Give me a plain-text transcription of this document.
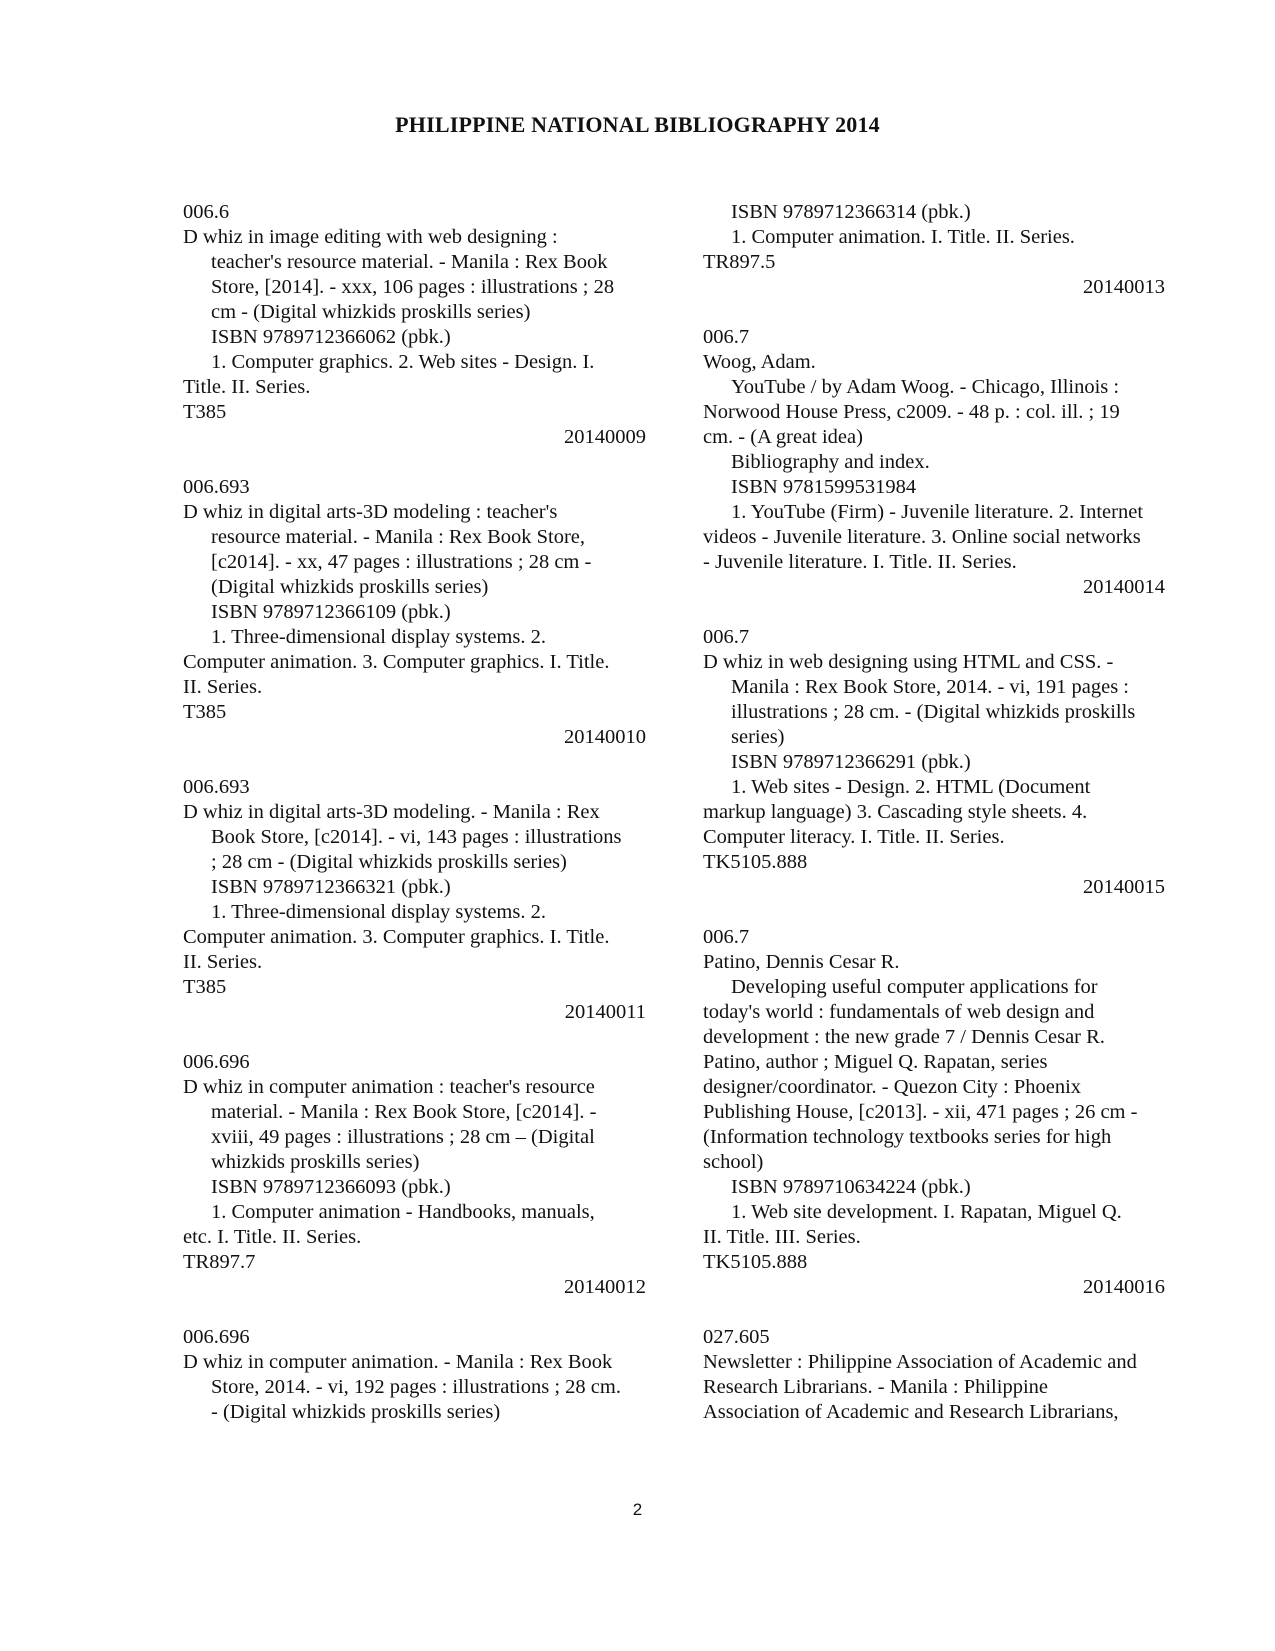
PHILIPPINE NATIONAL BIBLIOGRAPHY 2014
006.6
D whiz in image editing with web designing :
teacher's resource material. - Manila : Rex Book
Store, [2014]. - xxx, 106 pages : illustrations ; 28
cm - (Digital whizkids proskills series)
ISBN 9789712366062 (pbk.)
1. Computer graphics. 2. Web sites - Design. I.
Title. II. Series.
T385
20140009
006.693
D whiz in digital arts-3D modeling : teacher's
resource material. - Manila : Rex Book Store,
[c2014]. - xx, 47 pages : illustrations ; 28 cm -
(Digital whizkids proskills series)
ISBN 9789712366109 (pbk.)
1. Three-dimensional display systems. 2.
Computer animation. 3. Computer graphics. I. Title.
II. Series.
T385
20140010
006.693
D whiz in digital arts-3D modeling. - Manila : Rex
Book Store, [c2014]. - vi, 143 pages : illustrations
; 28 cm - (Digital whizkids proskills series)
ISBN 9789712366321 (pbk.)
1. Three-dimensional display systems. 2.
Computer animation. 3. Computer graphics. I. Title.
II. Series.
T385
20140011
006.696
D whiz in computer animation : teacher's resource
material. - Manila : Rex Book Store, [c2014]. -
xviii, 49 pages : illustrations ; 28 cm – (Digital
whizkids proskills series)
ISBN 9789712366093 (pbk.)
1. Computer animation - Handbooks, manuals,
etc. I. Title. II. Series.
TR897.7
20140012
006.696
D whiz in computer animation. - Manila : Rex Book
Store, 2014. - vi, 192 pages : illustrations ; 28 cm.
- (Digital whizkids proskills series)
ISBN 9789712366314 (pbk.)
1. Computer animation. I. Title. II. Series.
TR897.5
20140013
006.7
Woog, Adam.
YouTube / by Adam Woog. - Chicago, Illinois :
Norwood House Press, c2009. - 48 p. : col. ill. ; 19
cm. - (A great idea)
Bibliography and index.
ISBN 9781599531984
1. YouTube (Firm) - Juvenile literature. 2. Internet
videos - Juvenile literature. 3. Online social networks
- Juvenile literature. I. Title. II. Series.
20140014
006.7
D whiz in web designing using HTML and CSS. -
Manila : Rex Book Store, 2014. - vi, 191 pages :
illustrations ; 28 cm. - (Digital whizkids proskills
series)
ISBN 9789712366291 (pbk.)
1. Web sites - Design. 2. HTML (Document
markup language) 3. Cascading style sheets. 4.
Computer literacy. I. Title. II. Series.
TK5105.888
20140015
006.7
Patino, Dennis Cesar R.
Developing useful computer applications for
today's world : fundamentals of web design and
development : the new grade 7 / Dennis Cesar R.
Patino, author ; Miguel Q. Rapatan, series
designer/coordinator. - Quezon City : Phoenix
Publishing House, [c2013]. - xii, 471 pages ; 26 cm -
(Information technology textbooks series for high
school)
ISBN 9789710634224 (pbk.)
1. Web site development. I. Rapatan, Miguel Q.
II. Title. III. Series.
TK5105.888
20140016
027.605
Newsletter : Philippine Association of Academic and
Research Librarians. - Manila : Philippine
Association of Academic and Research Librarians,
2
